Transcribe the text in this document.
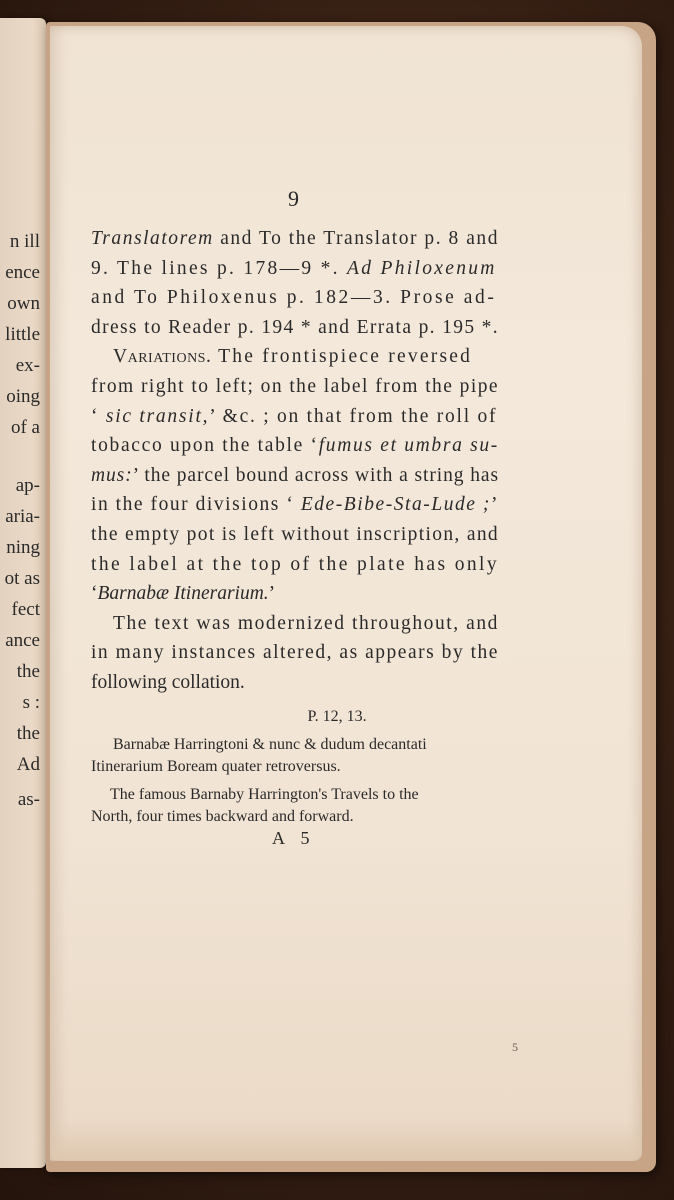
n ill
ence
own
little
ex-
oing
of a
ap-
aria-
ning
ot as
fect
ance
the
s :
the
Ad
as-
9
Translatorem and To the Translator p. 8 and
9. The lines p. 178—9 *. Ad Philoxenum
and To Philoxenus p. 182—3. Prose ad-
dress to Reader p. 194 * and Errata p. 195 *.
Variations. The frontispiece reversed
from right to left; on the label from the pipe
‘ sic transit,’ &c. ; on that from the roll of
tobacco upon the table ‘fumus et umbra su-
mus:’ the parcel bound across with a string has
in the four divisions ‘ Ede-Bibe-Sta-Lude ;’
the empty pot is left without inscription, and
the label at the top of the plate has only
‘Barnabæ Itinerarium.’
The text was modernized throughout, and
in many instances altered, as appears by the
following collation.
P. 12, 13.
Barnabæ Harringtoni & nunc & dudum decantati
Itinerarium Boream quater retroversus.
The famous Barnaby Harrington's Travels to the
North, four times backward and forward.
A 5
5
